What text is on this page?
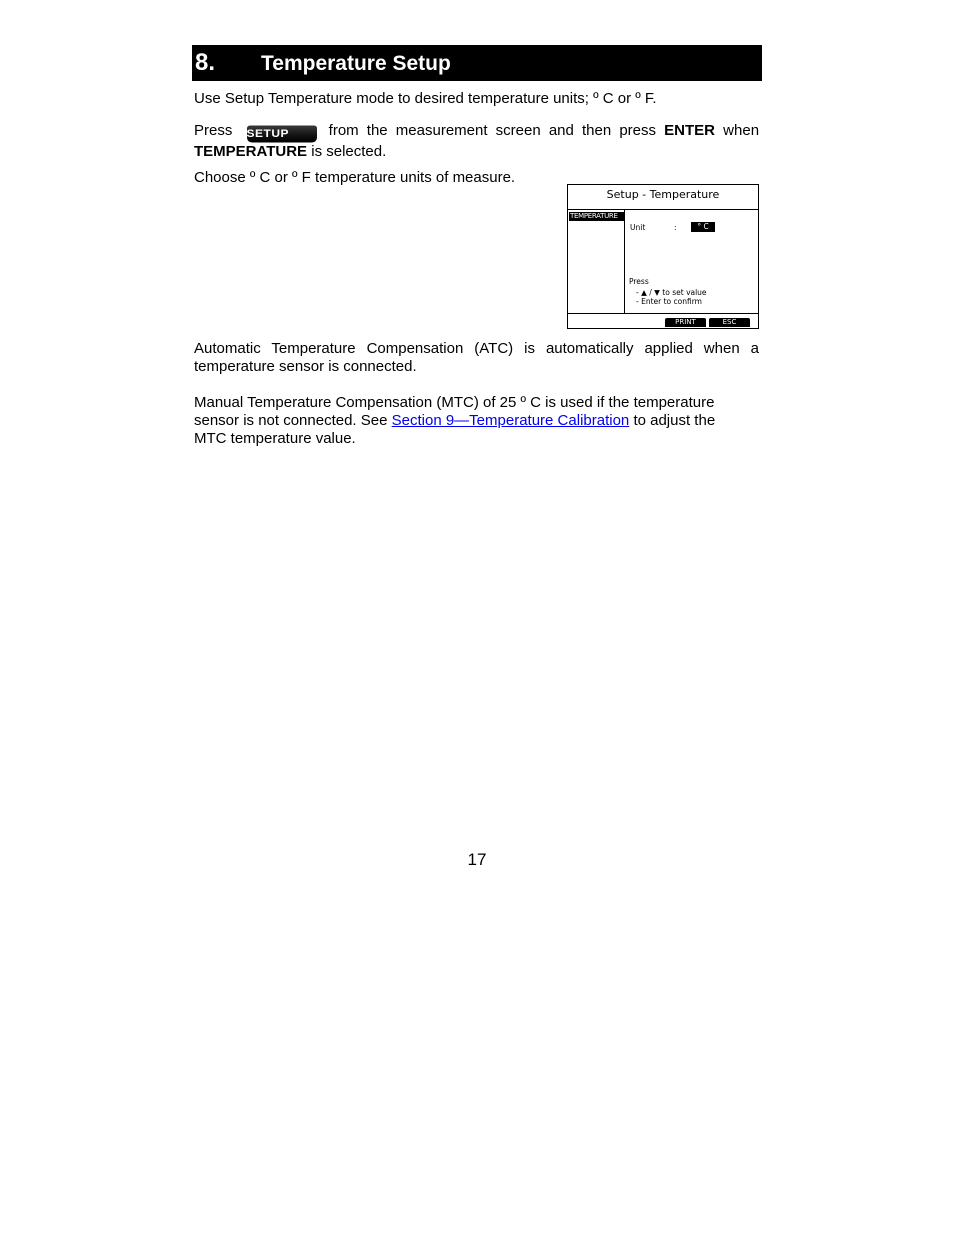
8. Temperature Setup
Use Setup Temperature mode to desired temperature units; º C or º F.
Press SETUP	from the measurement screen and then press ENTER when
TEMPERATURE is selected.
Choose º C or º F temperature units of measure.
Setup - Temperature
TEMPERATURE
Unit	:	° C
Press
- ▲ / ▼ to set value
- Enter to confirm
PRINT	ESC
Automatic Temperature Compensation (ATC) is automatically applied when a temperature sensor is connected.
Manual Temperature Compensation (MTC) of 25 º C is used if the temperature
sensor is not connected. See Section 9—Temperature Calibration to adjust the
MTC temperature value.
17
